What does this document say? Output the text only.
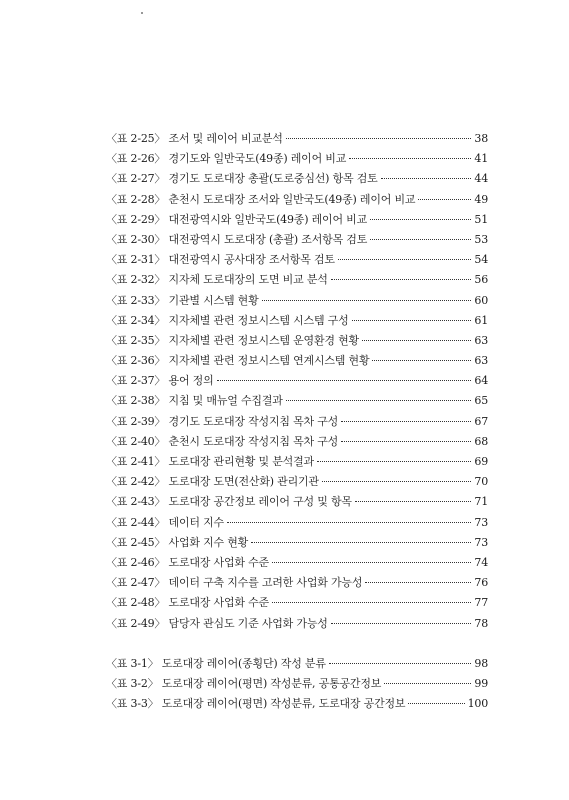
〈표 2-25〉 조서 및 레이어 비교분석	38
〈표 2-26〉 경기도와 일반국도(49종) 레이어 비교	41
〈표 2-27〉 경기도 도로대장 총괄(도로중심선) 항목 검토	44
〈표 2-28〉 춘천시 도로대장 조서와 일반국도(49종) 레이어 비교	49
〈표 2-29〉 대전광역시와 일반국도(49종) 레이어 비교	51
〈표 2-30〉 대전광역시 도로대장 (총괄) 조서항목 검토	53
〈표 2-31〉 대전광역시 공사대장 조서항목 검토	54
〈표 2-32〉 지자체 도로대장의 도면 비교 분석	56
〈표 2-33〉 기관별 시스템 현황	60
〈표 2-34〉 지자체별 관련 정보시스템 시스템 구성	61
〈표 2-35〉 지자체별 관련 정보시스템 운영환경 현황	63
〈표 2-36〉 지자체별 관련 정보시스템 연계시스템 현황	63
〈표 2-37〉 용어 정의	64
〈표 2-38〉 지침 및 매뉴얼 수집결과	65
〈표 2-39〉 경기도 도로대장 작성지침 목차 구성	67
〈표 2-40〉 춘천시 도로대장 작성지침 목차 구성	68
〈표 2-41〉 도로대장 관리현황 및 분석결과	69
〈표 2-42〉 도로대장 도면(전산화) 관리기관	70
〈표 2-43〉 도로대장 공간정보 레이어 구성 및 항목	71
〈표 2-44〉 데이터 지수	73
〈표 2-45〉 사업화 지수 현황	73
〈표 2-46〉 도로대장 사업화 수준	74
〈표 2-47〉 데이터 구축 지수를 고려한 사업화 가능성	76
〈표 2-48〉 도로대장 사업화 수준	77
〈표 2-49〉 담당자 관심도 기준 사업화 가능성	78
〈표 3-1〉 도로대장 레이어(종횡단) 작성 분류	98
〈표 3-2〉 도로대장 레이어(평면) 작성분류, 공통공간정보	99
〈표 3-3〉 도로대장 레이어(평면) 작성분류, 도로대장 공간정보	100
